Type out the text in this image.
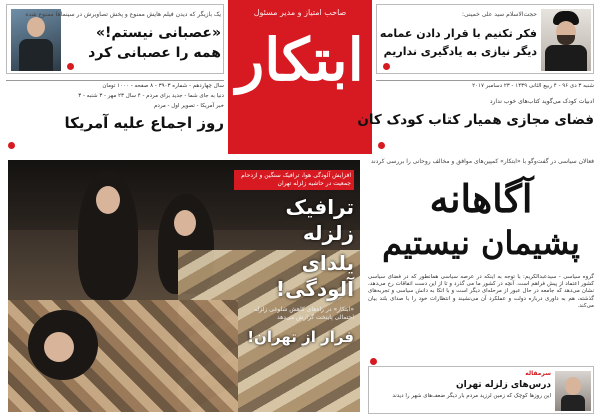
یک بازیگر که دیدن فیلم هایش ممنوع و پخش تصاویرش در سینماها ممنوع شده
«عصبانی نیستم!»
همه را عصبانی کرد
صاحب امتیاز و مدیر مسئول
ابتکار
حجت‌الاسلام سید علی خمینی:
فکر تکنیم با قرار دادن عمامه
دیگر نیازی به یادگیری نداریم
سال چهاردهم - شماره ۳۹۰۳ - ۸ صفحه - ۱۰۰۰ تومان
دنیا به جای شما - جدید برای مردم - ۴ سال ۲۳ مهر - ۳ شنبه - ۳
خبر آمریکا - تصویر اول - مردم
روز اجماع علیه آمریکا
شنبه ۳ دی ۹۶ - ۴ ربیع الثانی ۱۴۳۹ - ۲۳ دسامبر ۲۰۱۷
ادبیات کودک می‌گوید کتاب‌های خوب ندارد
فضای مجازی همیار کتاب کودک کان
افزایش آلودگی هوا، ترافیک سنگین و ازدحام جمعیت در حاشیه زلزله تهران
ترافیک زلزله
یلدای آلودگی!
«ابتکار» در راه‌های کاهش شلوغی زلزله احتمالی پایتخت گزارش می‌دهد
فرار از تهران!
فعالان سیاسی در گفت‌وگو با «ابتکار» کمپین‌های موافق و مخالف روحانی را بررسی کردند
آگاهانه
پشیمان نیستیم
گروه سیاسی - سیدعبدالکریم: با توجه به اینکه در عرصه سیاسی همانطور که در فضای سیاسی کشور اعتماد از پیش فراهم است. آنچه در کشور ما می گذرد و تا از این دست اتفاقات رخ می‌دهد، نشان می‌دهد که جامعه در حال عبور از مرحله‌ای دیگر است و با اتکا به دانش سیاسی و تجربه‌های گذشته، هم به داوری درباره دولت و عملکرد آن می‌نشیند و انتظارات خود را با صدای بلند بیان می‌کند.
سرمقاله
درس‌های زلزله تهران
این روزها کوچک که زمین لرزید مردم بار دیگر ضعف‌های شهر را دیدند
